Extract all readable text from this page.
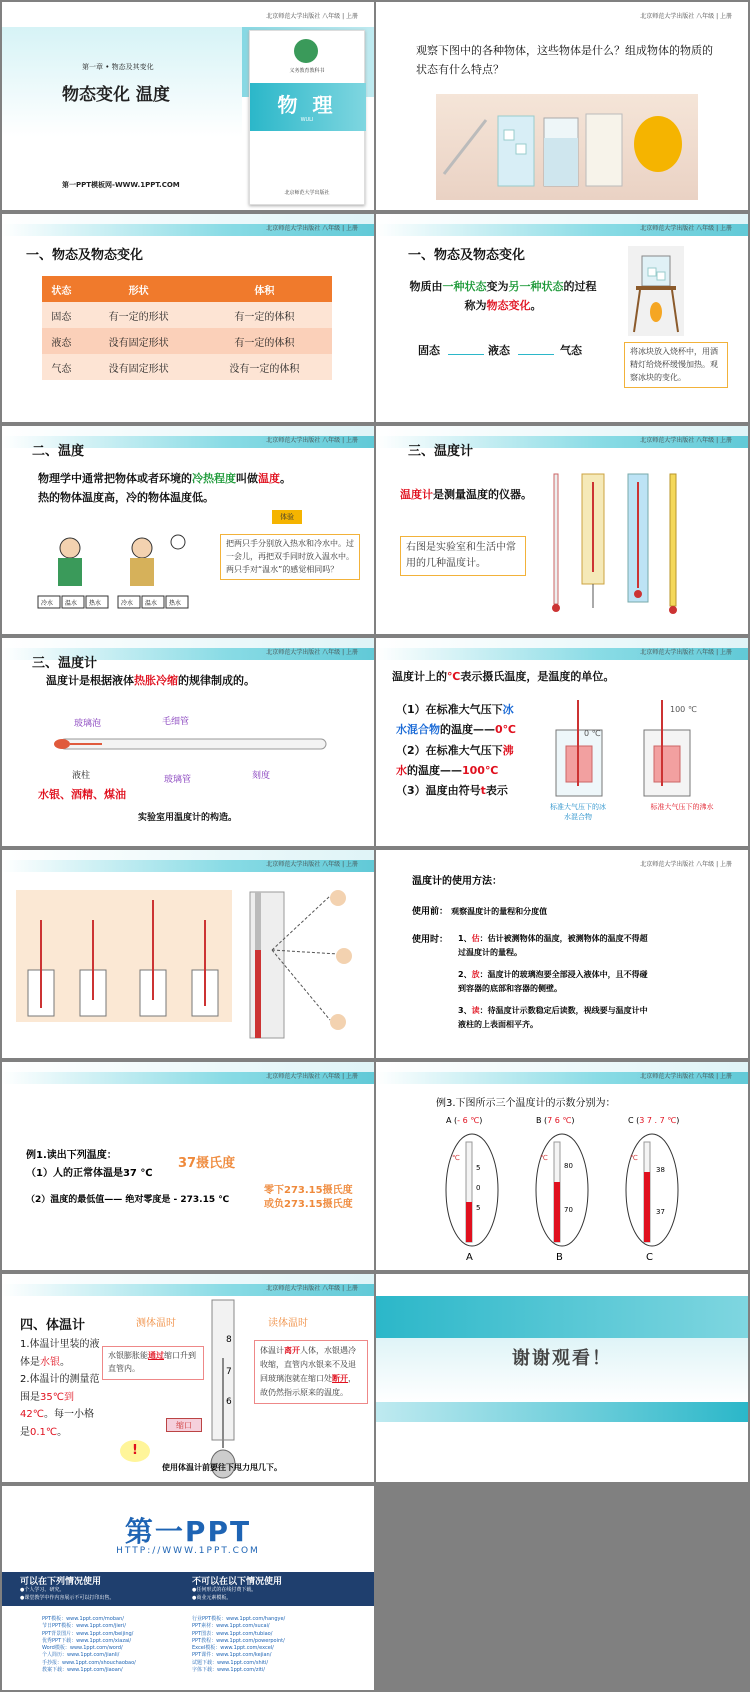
北京师范大学出版社 八年级 | 上册
第一章 • 物态及其变化
物态变化 温度
第一PPT模板网-WWW.1PPT.COM
义务教育教科书
物 理
WULI
北京师范大学出版社
北京师范大学出版社 八年级 | 上册
观察下图中的各种物体，这些物体是什么？组成物体的物质的状态有什么特点？
北京师范大学出版社 八年级 | 上册
一、物态及物态变化
状态	形状	体积
固态	有一定的形状	有一定的体积
液态	没有固定形状	有一定的体积
气态	没有固定形状	没有一定的体积
北京师范大学出版社 八年级 | 上册
一、物态及物态变化
物质由一种状态变为另一种状态的过程
称为物态变化。
固态	液态	气态	将冰块放入烧杯中，用酒精灯给烧杯缓慢加热。观察冰块的变化。
北京师范大学出版社 八年级 | 上册
二、温度
物理学中通常把物体或者环境的冷热程度叫做温度。
热的物体温度高，冷的物体温度低。
体验
把两只手分别放入热水和冷水中。过一会儿，再把双手同时放入温水中。两只手对“温水”的感觉相同吗？
冷水 温水 热水	冷水 温水 热水
北京师范大学出版社 八年级 | 上册
三、温度计
温度计是测量温度的仪器。
右图是实验室和生活中常用的几种温度计。
北京师范大学出版社 八年级 | 上册
三、温度计
温度计是根据液体热胀冷缩的规律制成的。
玻璃泡	毛细管
液柱	玻璃管	刻度
水银、酒精、煤油
实验室用温度计的构造。
北京师范大学出版社 八年级 | 上册
温度计上的℃表示摄氏温度，是温度的单位。
（1）在标准大气压下冰水混合物的温度——0℃
（2）在标准大气压下沸水的温度——100℃
（3）温度由符号t表示
0 ℃
100 ℃
标准大气压下的冰水混合物
标准大气压下的沸水
北京师范大学出版社 八年级 | 上册	北京师范大学出版社 八年级 | 上册
温度计的使用方法：
使用前： 观察温度计的量程和分度值
使用时： 1、估：估计被测物体的温度，被测物体的温度不得超过温度计的量程。
2、放：温度计的玻璃泡要全部浸入液体中，且不得碰到容器的底部和容器的侧壁。
3、读：待温度计示数稳定后读数，视线要与温度计中液柱的上表面相平齐。
北京师范大学出版社 八年级 | 上册
例1.读出下列温度：
（1）人的正常体温是37 ℃
37摄氏度
（2）温度的最低值—— 绝对零度是 - 273.15 ℃
零下273.15摄氏度
或负273.15摄氏度
北京师范大学出版社 八年级 | 上册
例3.下图所示三个温度计的示数分别为：
A (- 6 ℃)	B (7 6 ℃)	C (3 7 . 7 ℃)
℃
5
0
5
A
℃
80
70
B
℃
38
37
C
北京师范大学出版社 八年级 | 上册
四、体温计
1.体温计里装的液体是水银。
2.体温计的测量范围是35℃到42℃。每一小格是0.1℃。
测体温时	读体温时
水银膨胀能通过缩口升到直管内。
8
7
6
缩口
体温计离开人体，水银遇冷收缩，直管内水银来不及退回玻璃泡就在缩口处断开，故仍然指示原来的温度。
!
使用体温计前要往下甩力甩几下。
谢谢观看！
第一PPT
HTTP://WWW.1PPT.COM
可以在下列情况使用
●个人学习、研究。
●课堂教学中作内容展示不可以打印出售。
不可以在以下情况使用
●任何形式的在线付费下载。
●商业元素模板。
PPT模板：www.1ppt.com/moban/
节日PPT模板：www.1ppt.com/jieri/
PPT背景图片：www.1ppt.com/beijing/
优秀PPT下载：www.1ppt.com/xiazai/
Word模板：www.1ppt.com/word/
个人简历：www.1ppt.com/jianli/
手抄报：www.1ppt.com/shouchaobao/
教案下载：www.1ppt.com/jiaoan/
行业PPT模板：www.1ppt.com/hangye/
PPT素材：www.1ppt.com/sucai/
PPT图表：www.1ppt.com/tubiao/
PPT教程：www.1ppt.com/powerpoint/
Excel模板：www.1ppt.com/excel/
PPT课件：www.1ppt.com/kejian/
试题下载：www.1ppt.com/shiti/
字体下载：www.1ppt.com/ziti/
